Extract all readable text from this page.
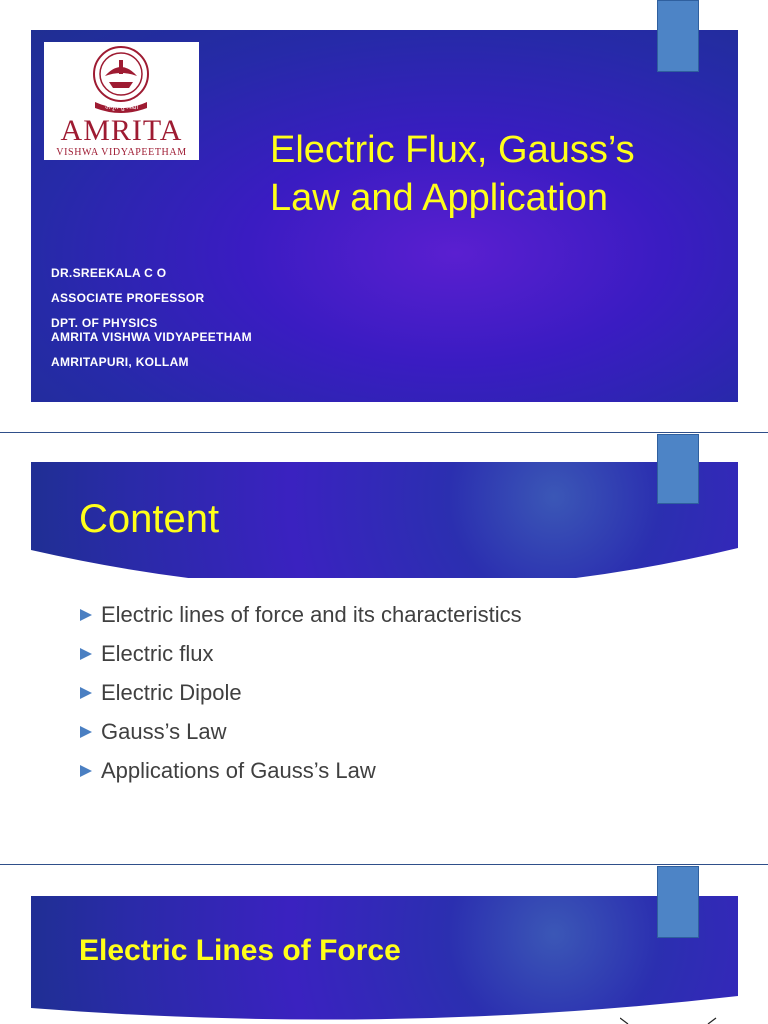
अमृतं तु विद्या
AMRITA
VISHWA VIDYAPEETHAM	Electric Flux, Gauss’s
Law and Application
DR.SREEKALA C O
ASSOCIATE PROFESSOR
DPT. OF PHYSICS
AMRITA VISHWA VIDYAPEETHAM
AMRITAPURI, KOLLAM
Content
Electric lines of force and its characteristics
Electric flux
Electric Dipole
Gauss’s Law
Applications of Gauss’s Law
Electric Lines of Force
